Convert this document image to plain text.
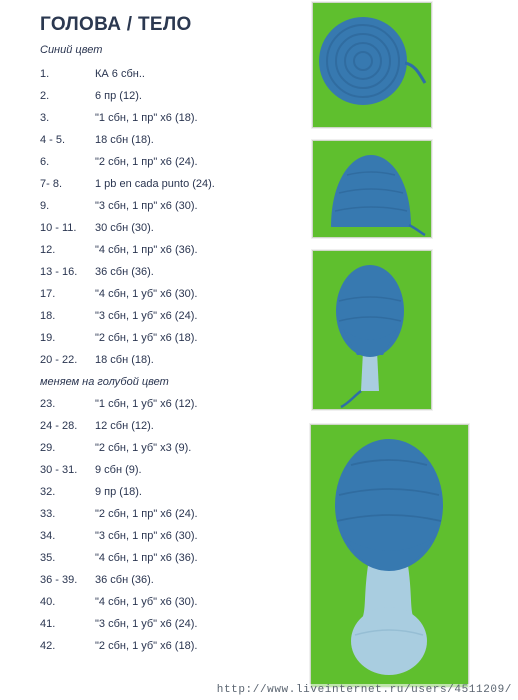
ГОЛОВА / ТЕЛО
Синий цвет
1.	КА 6 сбн..
2.	6 пр (12).
3.	"1 сбн, 1 пр" х6 (18).
4 - 5.	18 сбн (18).
6.	"2 сбн, 1 пр" х6 (24).
7- 8.	1 pb en cada punto (24).
9.	"3 сбн, 1 пр" х6 (30).
10 - 11. 30 сбн (30).
12.	"4 сбн, 1 пр" х6 (36).
13 - 16. 36 сбн (36).
17.	"4 сбн, 1 уб" х6 (30).
18.	"3 сбн, 1 уб" х6 (24).
19.	"2 сбн, 1 уб" х6 (18).
20 - 22. 18 сбн (18).
меняем на голубой цвет
23.	"1 сбн, 1 уб" х6 (12).
24 - 28. 12 сбн (12).
29.	"2 сбн, 1 уб" х3 (9).
30 - 31. 9 сбн (9).
32.	9 пр (18).
33.	"2 сбн, 1 пр" х6 (24).
34.	"3 сбн, 1 пр" х6 (30).
35.	"4 сбн, 1 пр" х6 (36).
36 - 39. 36 сбн (36).
40.	"4 сбн, 1 уб" х6 (30).
41.	"3 сбн, 1 уб" х6 (24).
42.	"2 сбн, 1 уб" х6 (18).
http://www.liveinternet.ru/users/4511209/
